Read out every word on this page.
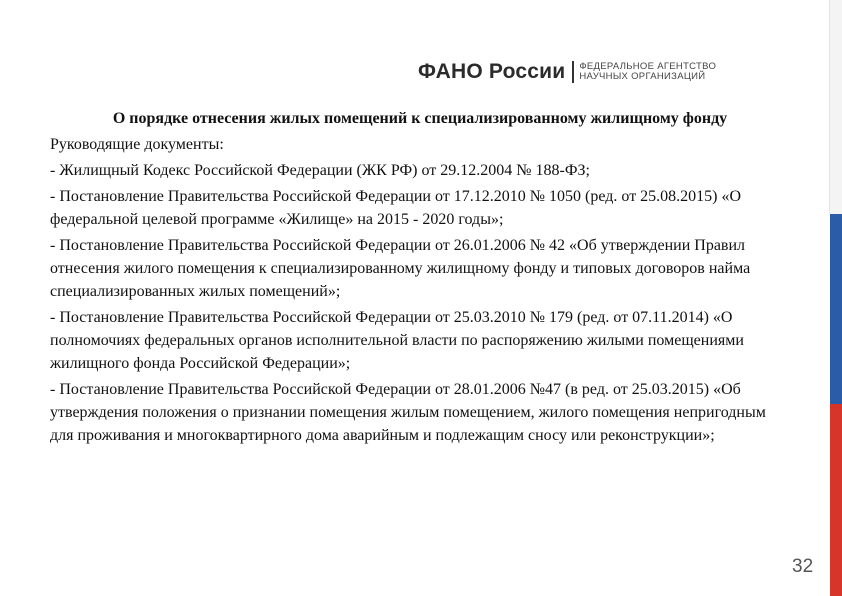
ФАНО России ФЕДЕРАЛЬНОЕ АГЕНТСТВО
НАУЧНЫХ ОРГАНИЗАЦИЙ

О порядке отнесения жилых помещений к специализированному жилищному фонду

Руководящие документы:

- Жилищный Кодекс Российской Федерации (ЖК РФ) от 29.12.2004 № 188-ФЗ;

- Постановление Правительства Российской Федерации от 17.12.2010 № 1050 (ред. от 25.08.2015) «О федеральной целевой программе «Жилище» на 2015 - 2020 годы»;

- Постановление Правительства Российской Федерации от 26.01.2006 № 42 «Об утверждении Правил отнесения жилого помещения к специализированному жилищному фонду и типовых договоров найма специализированных жилых помещений»;

- Постановление Правительства Российской Федерации от 25.03.2010 № 179 (ред. от 07.11.2014) «О полномочиях федеральных органов исполнительной власти по распоряжению жилыми помещениями жилищного фонда Российской Федерации»;

- Постановление Правительства Российской Федерации от 28.01.2006 №47 (в ред. от 25.03.2015) «Об утверждения положения о признании помещения жилым помещением, жилого помещения непригодным для проживания и многоквартирного дома аварийным и подлежащим сносу или реконструкции»;

32
